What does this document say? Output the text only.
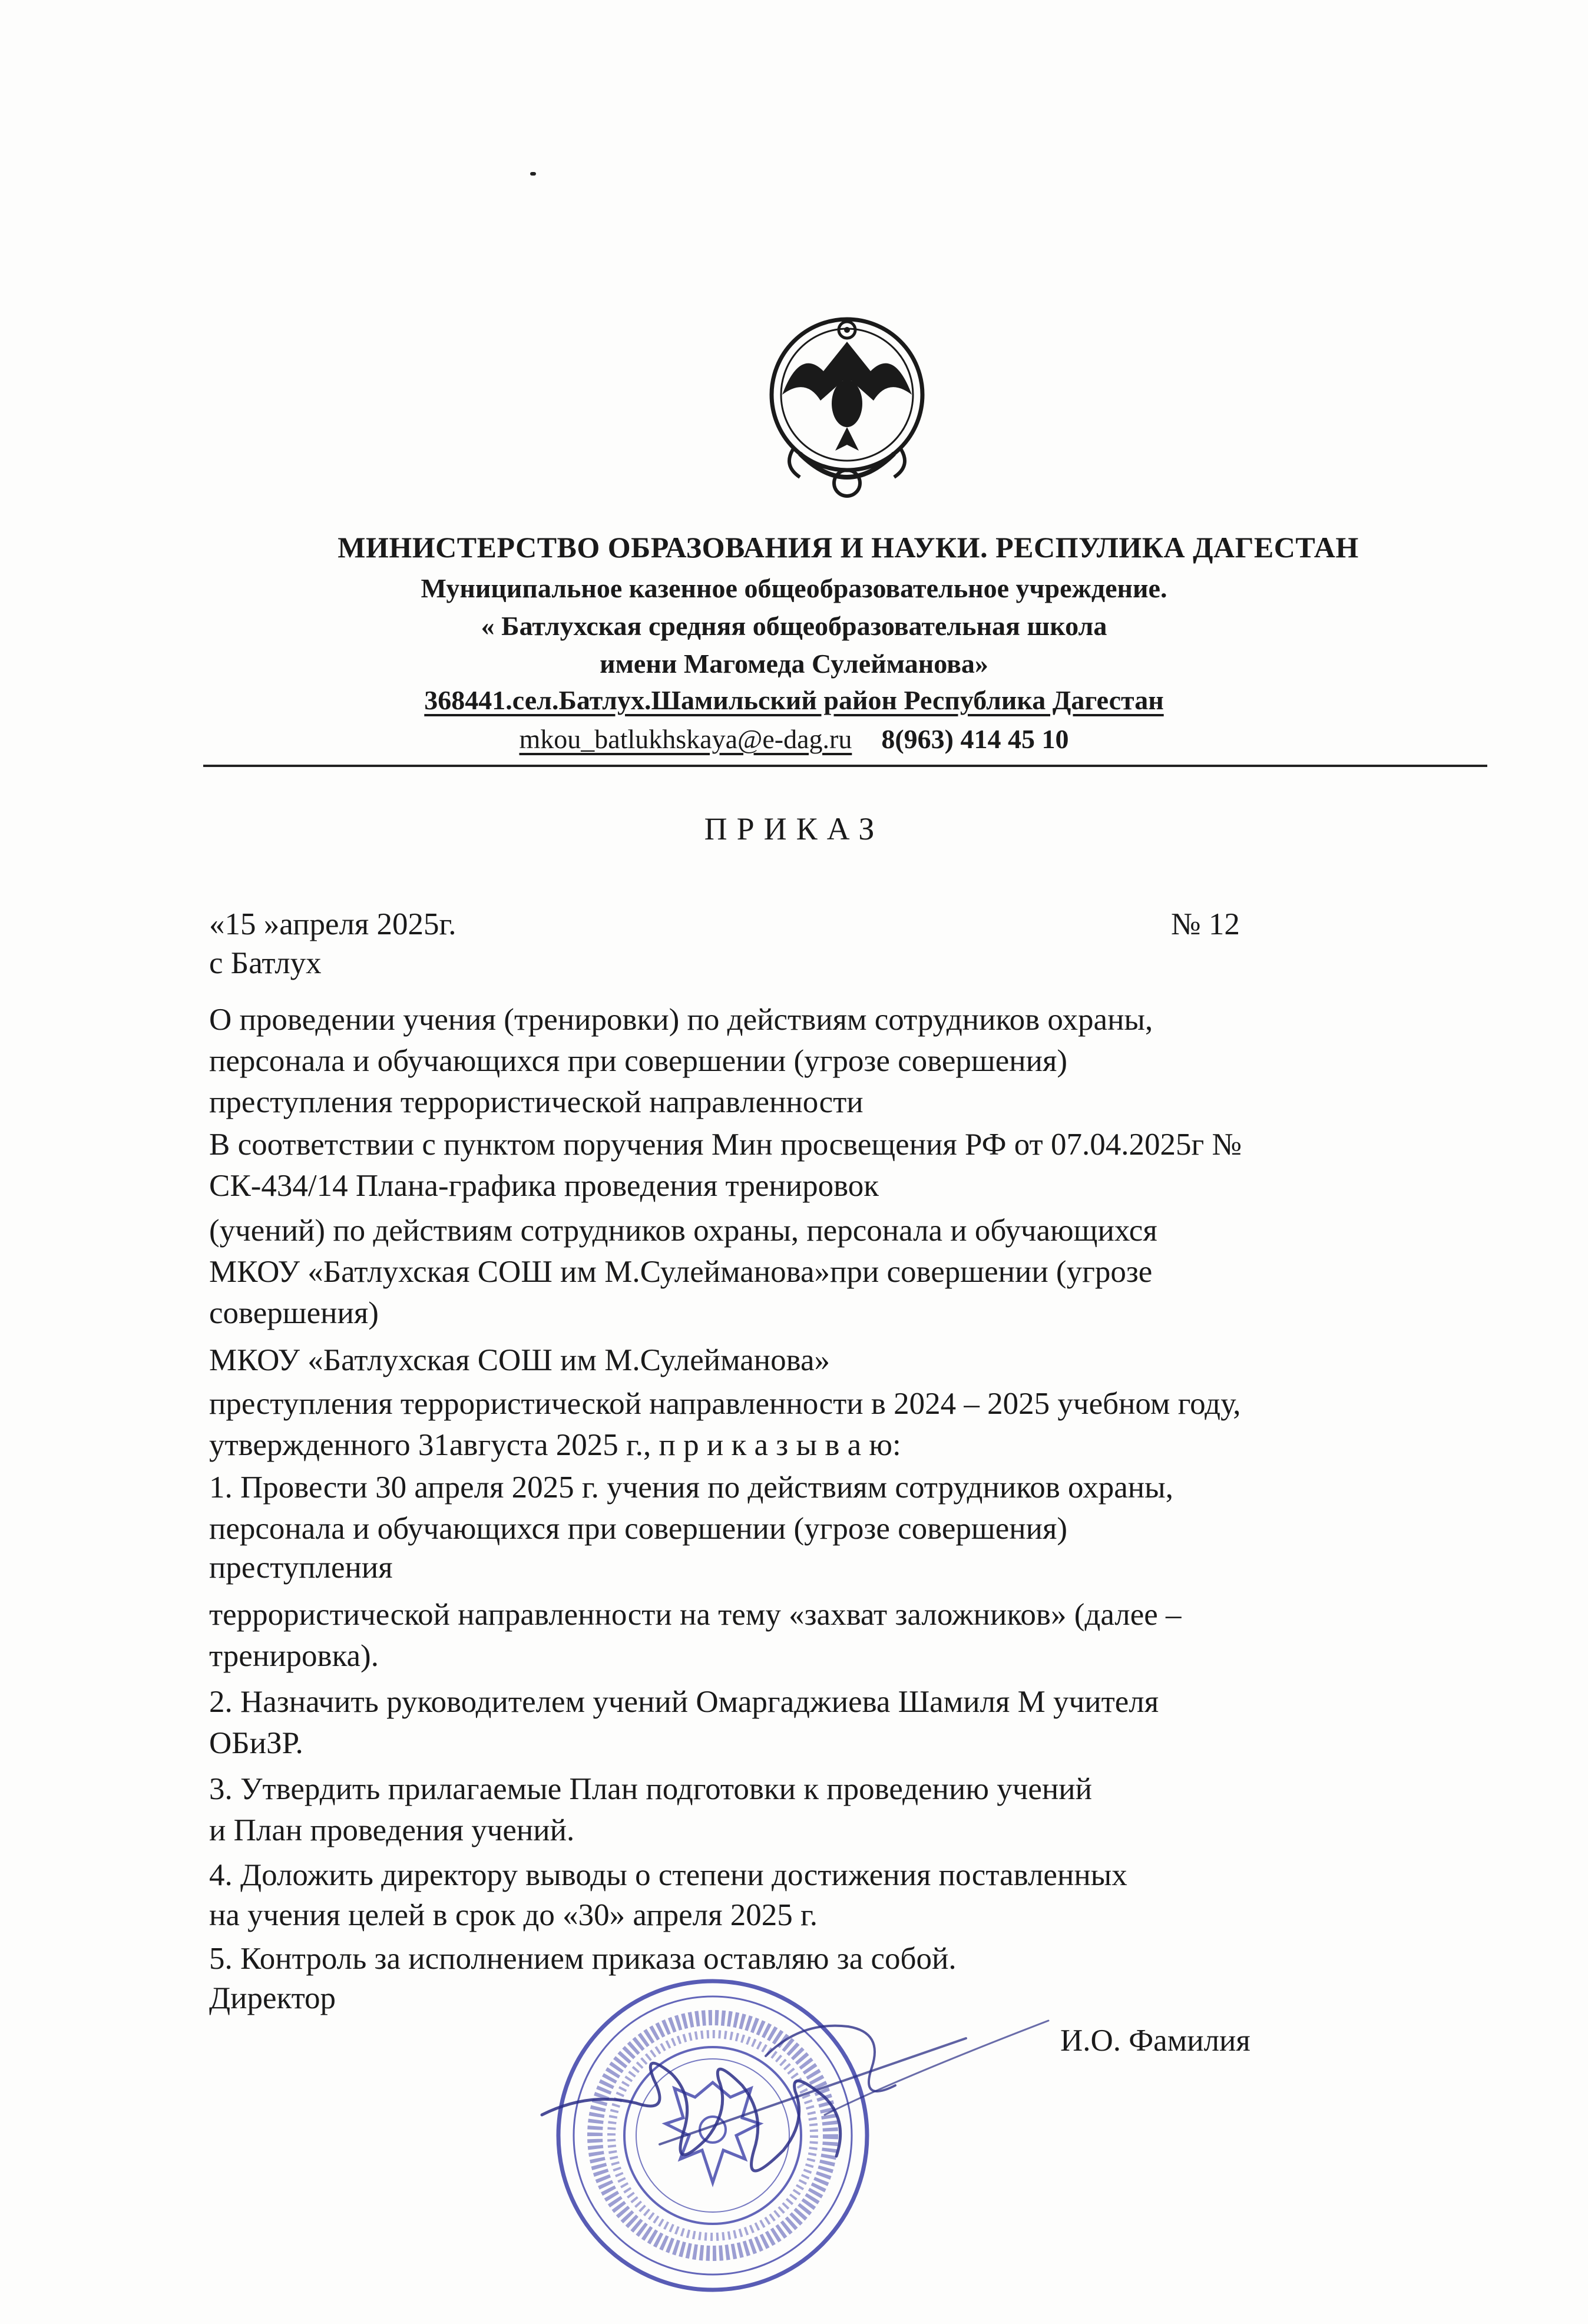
МИНИСТЕРСТВО ОБРАЗОВАНИЯ И НАУКИ. РЕСПУЛИКА ДАГЕСТАН
Муниципальное казенное общеобразовательное учреждение.
« Батлухская средняя общеобразовательная школа
имени Магомеда Сулейманова»
368441.сел.Батлух.Шамильский район Республика Дагестан
mkou_batlukhskaya@e-dag.ru 8(963) 414 45 10
ПРИКАЗ
«15 »апреля 2025г.	№ 12
с Батлух
О проведении учения (тренировки) по действиям сотрудников охраны,
персонала и обучающихся при совершении (угрозе совершения)
преступления террористической направленности
В соответствии с пунктом поручения Мин просвещения РФ от 07.04.2025г №
СК-434/14 Плана-графика проведения тренировок
(учений) по действиям сотрудников охраны, персонала и обучающихся
МКОУ «Батлухская СОШ им М.Сулейманова»при совершении (угрозе
совершения)
МКОУ «Батлухская СОШ им М.Сулейманова»
преступления террористической направленности в 2024 – 2025 учебном году,
утвержденного 31августа 2025 г., п р и к а з ы в а ю:
1. Провести 30 апреля 2025 г. учения по действиям сотрудников охраны,
персонала и обучающихся при совершении (угрозе совершения)
преступления
террористической направленности на тему «захват заложников» (далее –
тренировка).
2. Назначить руководителем учений Омаргаджиева Шамиля М учителя
ОБиЗР.
3. Утвердить прилагаемые План подготовки к проведению учений
и План проведения учений.
4. Доложить директору выводы о степени достижения поставленных
на учения целей в срок до «30» апреля 2025 г.
5. Контроль за исполнением приказа оставляю за собой.
Директор
И.О. Фамилия
